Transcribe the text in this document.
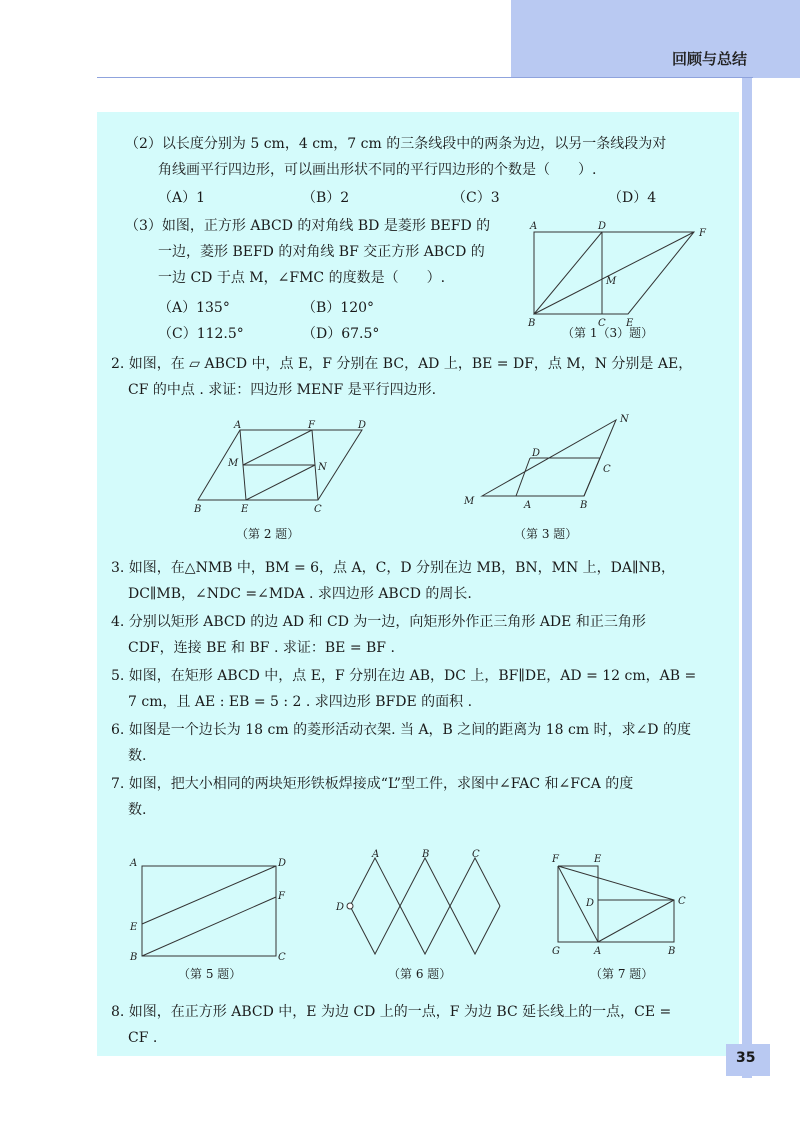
回顾与总结
（2）以长度分别为 5 cm，4 cm，7 cm 的三条线段中的两条为边，以另一条线段为对
角线画平行四边形，可以画出形状不同的平行四边形的个数是（　　）.
（A）1	（B）2	（C）3	（D）4
（3）如图，正方形 ABCD 的对角线 BD 是菱形 BEFD 的
一边，菱形 BEFD 的对角线 BF 交正方形 ABCD 的
一边 CD 于点 M，∠FMC 的度数是（　　）.
（A）135°	（B）120°
（C）112.5°	（D）67.5°
A	D
F
M
B	C E
（第 1（3）题）
2. 如图，在 ▱ ABCD 中，点 E，F 分别在 BC，AD 上，BE = DF，点 M，N 分别是 AE，
CF 的中点 . 求证：四边形 MENF 是平行四边形.
A	F	D
M	N
B	E	C
（第 2 题）
N
D
C
M	A	B
（第 3 题）
3. 如图，在△NMB 中，BM = 6，点 A，C，D 分别在边 MB，BN，MN 上，DA∥NB，
DC∥MB，∠NDC =∠MDA . 求四边形 ABCD 的周长.
4. 分别以矩形 ABCD 的边 AD 和 CD 为一边，向矩形外作正三角形 ADE 和正三角形
CDF，连接 BE 和 BF . 求证：BE = BF .
5. 如图，在矩形 ABCD 中，点 E，F 分别在边 AB，DC 上，BF∥DE，AD = 12 cm，AB =
7 cm，且 AE : EB = 5 : 2 . 求四边形 BFDE 的面积 .
6. 如图是一个边长为 18 cm 的菱形活动衣架. 当 A，B 之间的距离为 18 cm 时，求∠D 的度
数.
7. 如图，把大小相同的两块矩形铁板焊接成“L”型工件，求图中∠FAC 和∠FCA 的度
数.
A	D
F
E
B	C
（第 5 题）
A	B	C
D
（第 6 题）
F	E
D	C
G	A	B
（第 7 题）
8. 如图，在正方形 ABCD 中，E 为边 CD 上的一点，F 为边 BC 延长线上的一点，CE =
CF .
35
